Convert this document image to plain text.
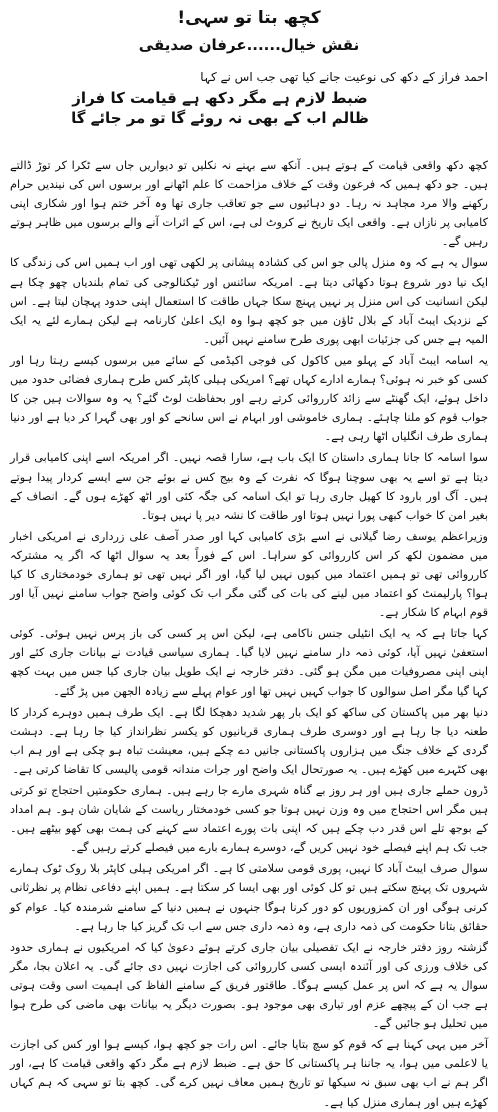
کچھ بتا تو سہی!
نقش خیال......عرفان صدیقی
احمد فراز کے دکھ کی نوعیت جانے کیا تھی جب اس نے کہا
ضبط لازم ہے مگر دکھ ہے قیامت کا فراز
ظالم اب کے بھی نہ روئے گا تو مر جائے گا

کچھ دکھ واقعی قیامت کے ہوتے ہیں۔ آنکھ سے بہنے نہ نکلیں تو دیواریں جاں سے ٹکرا کر توڑ ڈالتے ہیں۔ جو دکھ ہمیں کہ فرعون وقت کے خلاف مزاحمت کا علم اٹھانے اور برسوں اس کی نیندیں حرام رکھنے والا مرد مجاہد نہ رہا۔ دو دہائیوں سے جو تعاقب جاری تھا وہ آخر ختم ہوا اور شکاری اپنی کامیابی پر نازاں ہے۔ واقعی ایک تاریخ نے کروٹ لی ہے، اس کے اثرات آنے والے برسوں میں ظاہر ہوتے رہیں گے۔

سوال یہ ہے کہ وہ منزل پالی جو اس کی کشادہ پیشانی پر لکھی تھی اور اب ہمیں اس کی زندگی کا ایک نیا دور شروع ہوتا دکھائی دیتا ہے۔ امریکہ سائنس اور ٹیکنالوجی کی تمام بلندیاں چھو چکا ہے لیکن انسانیت کی اس منزل پر نہیں پہنچ سکا جہاں طاقت کا استعمال اپنی حدود پہچان لیتا ہے۔ اس کے نزدیک ایبٹ آباد کے بلال ٹاؤن میں جو کچھ ہوا وہ ایک اعلیٰ کارنامہ ہے لیکن ہمارے لئے یہ ایک المیہ ہے جس کی جزئیات ابھی پوری طرح سامنے نہیں آئیں۔

یہ اسامہ ایبٹ آباد کے پہلو میں کاکول کی فوجی اکیڈمی کے سائے میں برسوں کیسے رہتا رہا اور کسی کو خبر نہ ہوئی؟ ہمارے ادارے کہاں تھے؟ امریکی ہیلی کاپٹر کس طرح ہماری فضائی حدود میں داخل ہوئے، ایک گھنٹے سے زائد کارروائی کرتے رہے اور بحفاظت لوٹ گئے؟ یہ وہ سوالات ہیں جن کا جواب قوم کو ملنا چاہئے۔ ہماری خاموشی اور ابہام نے اس سانحے کو اور بھی گہرا کر دیا ہے اور دنیا ہماری طرف انگلیاں اٹھا رہی ہے۔

سوا اسامہ کا جانا ہماری داستان کا ایک باب ہے، سارا قصہ نہیں۔ اگر امریکہ اسے اپنی کامیابی قرار دیتا ہے تو اسے یہ بھی سوچنا ہوگا کہ نفرت کے وہ بیج کس نے بوئے جن سے ایسے کردار پیدا ہوتے ہیں۔ آگ اور بارود کا کھیل جاری رہا تو ایک اسامہ کی جگہ کئی اور اٹھ کھڑے ہوں گے۔ انصاف کے بغیر امن کا خواب کبھی پورا نہیں ہوتا اور طاقت کا نشہ دیر پا نہیں ہوتا۔

وزیراعظم یوسف رضا گیلانی نے اسے بڑی کامیابی کہا اور صدر آصف علی زرداری نے امریکی اخبار میں مضمون لکھ کر اس کارروائی کو سراہا۔ اس کے فوراً بعد یہ سوال اٹھا کہ اگر یہ مشترکہ کارروائی تھی تو ہمیں اعتماد میں کیوں نہیں لیا گیا، اور اگر نہیں تھی تو ہماری خودمختاری کا کیا ہوا؟ پارلیمنٹ کو اعتماد میں لینے کی بات کی گئی مگر اب تک کوئی واضح جواب سامنے نہیں آیا اور قوم ابہام کا شکار ہے۔

کہا جاتا ہے کہ یہ ایک انٹیلی جنس ناکامی ہے، لیکن اس پر کسی کی باز پرس نہیں ہوئی۔ کوئی استعفیٰ نہیں آیا، کوئی ذمہ دار سامنے نہیں لایا گیا۔ ہماری سیاسی قیادت نے بیانات جاری کئے اور اپنی اپنی مصروفیات میں مگن ہو گئی۔ دفتر خارجہ نے ایک طویل بیان جاری کیا جس میں بہت کچھ کہا گیا مگر اصل سوالوں کا جواب کہیں نہیں تھا اور عوام پہلے سے زیادہ الجھن میں پڑ گئے۔

دنیا بھر میں پاکستان کی ساکھ کو ایک بار پھر شدید دھچکا لگا ہے۔ ایک طرف ہمیں دوہرے کردار کا طعنہ دیا جا رہا ہے اور دوسری طرف ہماری قربانیوں کو یکسر نظرانداز کیا جا رہا ہے۔ دہشت گردی کے خلاف جنگ میں ہزاروں پاکستانی جانیں دے چکے ہیں، معیشت تباہ ہو چکی ہے اور ہم اب بھی کٹہرے میں کھڑے ہیں۔ یہ صورتحال ایک واضح اور جرات مندانہ قومی پالیسی کا تقاضا کرتی ہے۔

ڈرون حملے جاری ہیں اور ہر روز بے گناہ شہری مارے جا رہے ہیں۔ ہماری حکومتیں احتجاج تو کرتی ہیں مگر اس احتجاج میں وہ وزن نہیں ہوتا جو کسی خودمختار ریاست کے شایان شان ہو۔ ہم امداد کے بوجھ تلے اس قدر دب چکے ہیں کہ اپنی بات پورے اعتماد سے کہنے کی ہمت بھی کھو بیٹھے ہیں۔ جب تک ہم اپنے فیصلے خود نہیں کریں گے، دوسرے ہمارے بارے میں فیصلے کرتے رہیں گے۔

سوال صرف ایبٹ آباد کا نہیں، پوری قومی سلامتی کا ہے۔ اگر امریکی ہیلی کاپٹر بلا روک ٹوک ہمارے شہروں تک پہنچ سکتے ہیں تو کل کوئی اور بھی ایسا کر سکتا ہے۔ ہمیں اپنے دفاعی نظام پر نظرثانی کرنی ہوگی اور ان کمزوریوں کو دور کرنا ہوگا جنہوں نے ہمیں دنیا کے سامنے شرمندہ کیا۔ عوام کو حقائق بتانا حکومت کی ذمہ داری ہے، وہ ذمہ داری جس سے اب تک گریز کیا جا رہا ہے۔

گزشتہ روز دفتر خارجہ نے ایک تفصیلی بیان جاری کرتے ہوئے دعویٰ کیا کہ امریکیوں نے ہماری حدود کی خلاف ورزی کی اور آئندہ ایسی کسی کارروائی کی اجازت نہیں دی جائے گی۔ یہ اعلان بجا، مگر سوال یہ ہے کہ اس پر عمل کیسے ہوگا۔ طاقتور فریق کے سامنے الفاظ کی اہمیت اسی وقت ہوتی ہے جب ان کے پیچھے عزم اور تیاری بھی موجود ہو۔ بصورت دیگر یہ بیانات بھی ماضی کی طرح ہوا میں تحلیل ہو جائیں گے۔

آخر میں یہی کہنا ہے کہ قوم کو سچ بتایا جائے۔ اس رات جو کچھ ہوا، کیسے ہوا اور کس کی اجازت یا لاعلمی میں ہوا، یہ جاننا ہر پاکستانی کا حق ہے۔ ضبط لازم ہے مگر دکھ واقعی قیامت کا ہے، اور اگر ہم نے اب بھی سبق نہ سیکھا تو تاریخ ہمیں معاف نہیں کرے گی۔ کچھ بتا تو سہی کہ ہم کہاں کھڑے ہیں اور ہماری منزل کیا ہے۔
